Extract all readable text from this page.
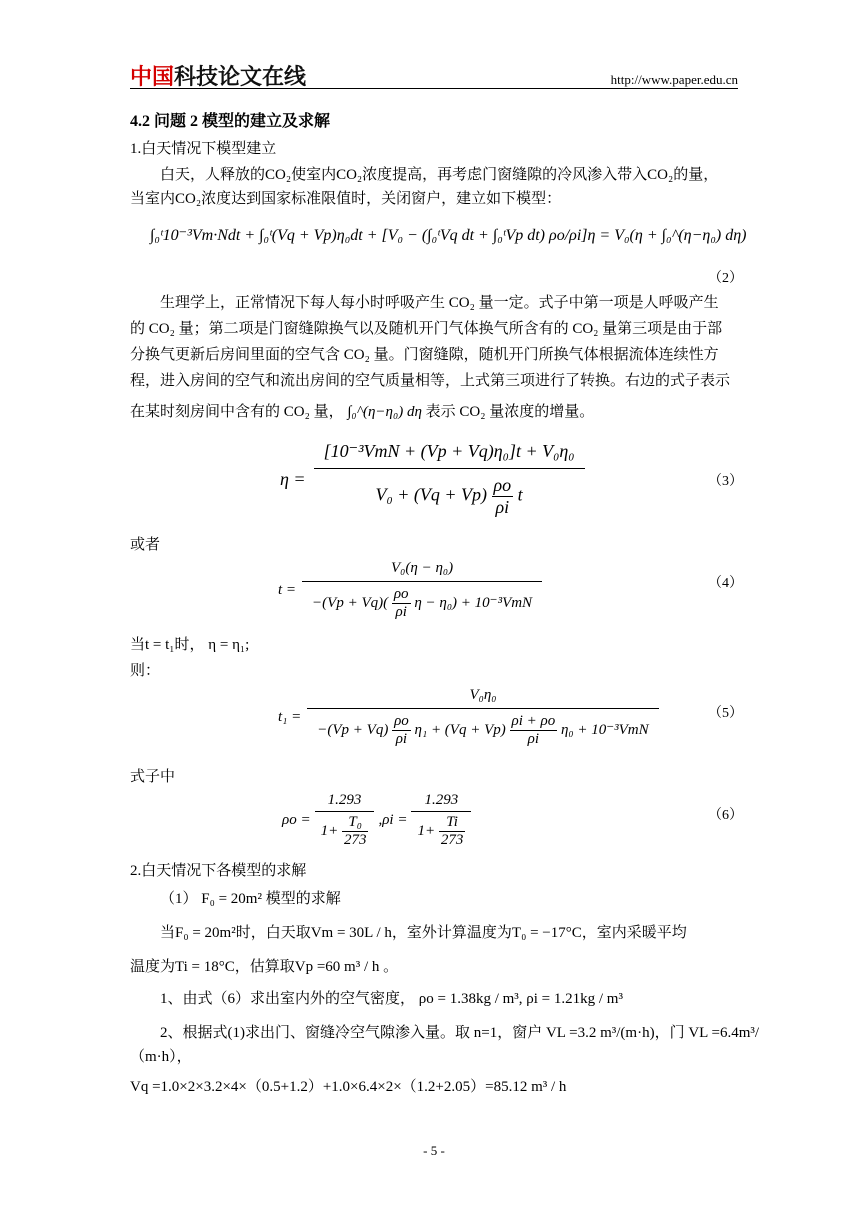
中国科技论文在线	http://www.paper.edu.cn
4.2 问题 2 模型的建立及求解
1.白天情况下模型建立
白天，人释放的CO₂使室内CO₂浓度提高，再考虑门窗缝隙的冷风渗入带入CO₂的量，
当室内CO₂浓度达到国家标准限值时，关闭窗户，建立如下模型：
∫₀ᵗ10⁻³Vm·Ndt + ∫₀ᵗ(Vq + Vp)η₀dt + [V₀ − (∫₀ᵗVq dt + ∫₀ᵗVp dt) ρo/ρi]η = V₀(η + ∫₀^(η−η₀) dη)
（2）
生理学上，正常情况下每人每小时呼吸产生 CO₂ 量一定。式子中第一项是人呼吸产生
的 CO₂ 量；第二项是门窗缝隙换气以及随机开门气体换气所含有的 CO₂ 量第三项是由于部
分换气更新后房间里面的空气含 CO₂ 量。门窗缝隙，随机开门所换气体根据流体连续性方
程，进入房间的空气和流出房间的空气质量相等，上式第三项进行了转换。右边的式子表示
在某时刻房间中含有的 CO₂ 量， ∫₀^(η−η₀) dη 表示 CO₂ 量浓度的增量。
$\eta = \frac{\text{[10⁻³VmN + (Vp + Vq)η₀]t + V₀η₀}}{V_0 + (Vq + Vp) \frac{\rho o}{\rho i} t}$	（3）
或者
$t = \frac{\text{V₀(η − η₀)}}{-(Vp + Vq)( \frac{\rho o}{\rho i} \eta - \eta_0) + 10^{-3}VmN}$	（4）
当t = t₁时， η = η₁;
则：
t₁ =
V₀η₀
$-(Vp + Vq) \frac{\rho o}{\rho i} \eta_1 + (Vq + Vp) \frac{\rho i + \rho o}{\rho i} \eta_0 + 10^{-3}VmN$
（5）
式子中
$\rho o = \frac{1.293}{1+ \frac{\text{T₀}}{273}} ,\rho i = \frac{1.293}{1+ \frac{Ti}{273}}$	（6）
2.白天情况下各模型的求解
（1） F₀ = 20m² 模型的求解
当F₀ = 20m²时，白天取Vm = 30L / h，室外计算温度为T₀ = −17°C，室内采暖平均
温度为Ti = 18°C，估算取Vp =60 m³ / h 。
1、由式（6）求出室内外的空气密度， ρo = 1.38kg / m³, ρi = 1.21kg / m³
2、根据式(1)求出门、窗缝冷空气隙渗入量。取 n=1，窗户 VL =3.2 m³/(m·h)，门 VL =6.4m³/
（m·h），
Vq =1.0×2×3.2×4×（0.5+1.2）+1.0×6.4×2×（1.2+2.05）=85.12 m³ / h
- 5 -
